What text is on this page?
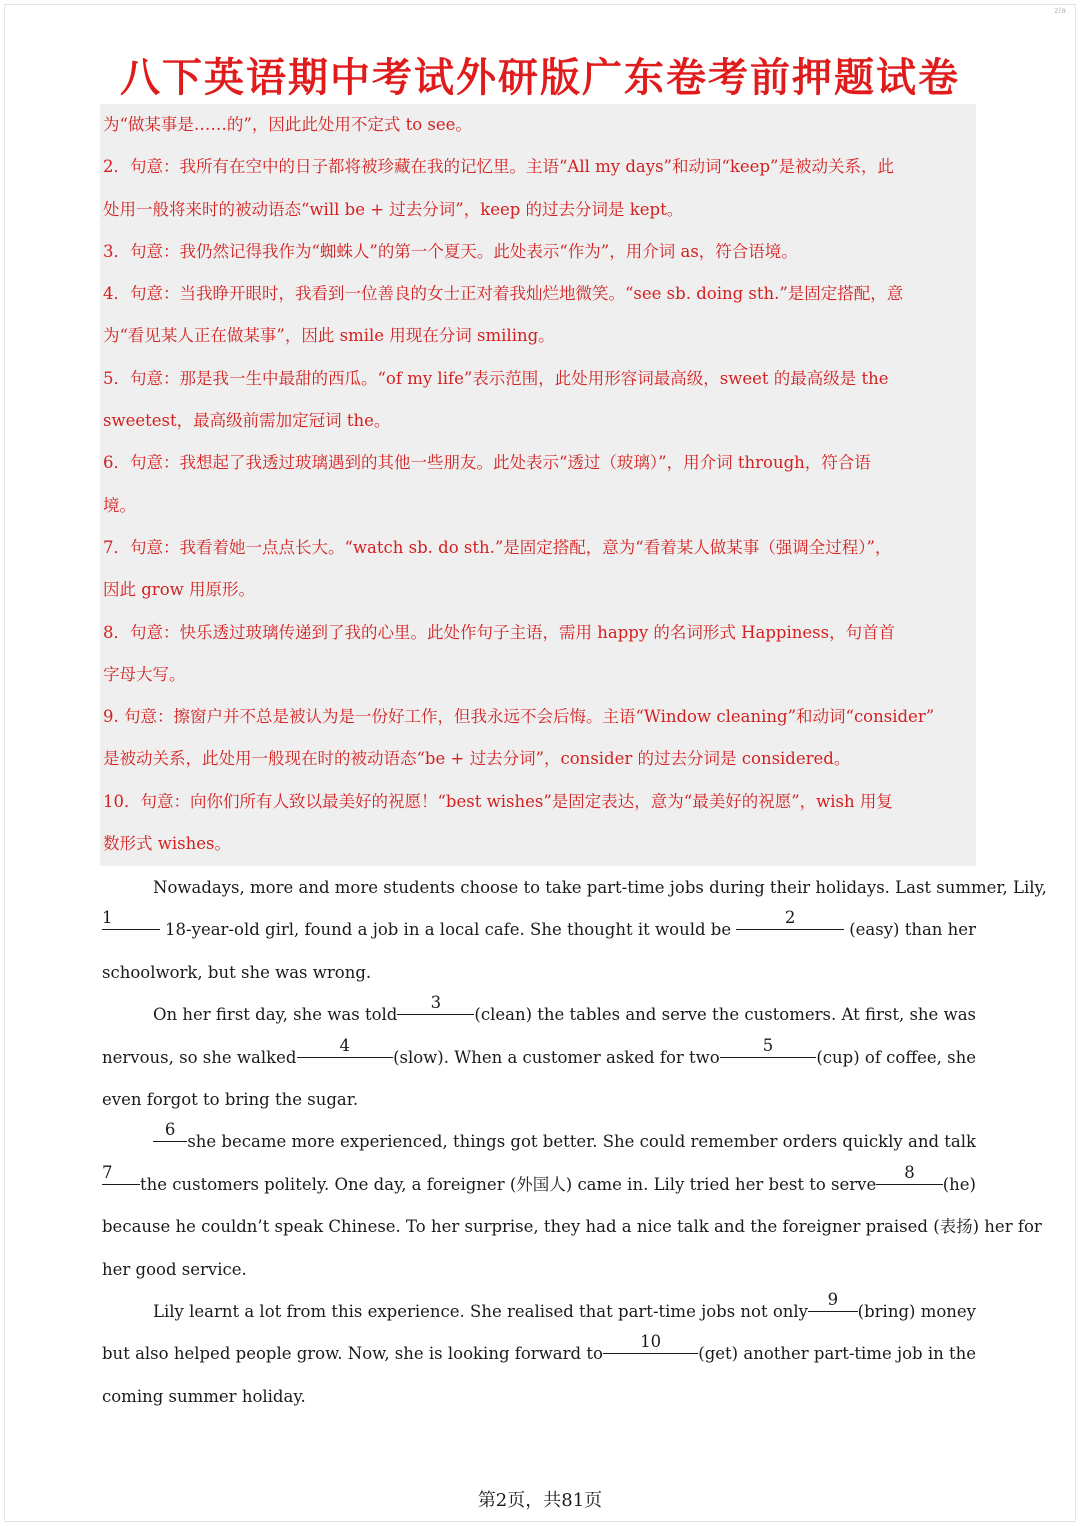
z/a
八下英语期中考试外研版广东卷考前押题试卷

为“做某事是……的”，因此此处用不定式 to see。

2．句意：我所有在空中的日子都将被珍藏在我的记忆里。主语“All my days”和动词“keep”是被动关系，此

处用一般将来时的被动语态“will be + 过去分词”，keep 的过去分词是 kept。

3．句意：我仍然记得我作为“蜘蛛人”的第一个夏天。此处表示“作为”，用介词 as，符合语境。

4．句意：当我睁开眼时，我看到一位善良的女士正对着我灿烂地微笑。“see sb. doing sth.”是固定搭配，意

为“看见某人正在做某事”，因此 smile 用现在分词 smiling。

5．句意：那是我一生中最甜的西瓜。“of my life”表示范围，此处用形容词最高级，sweet 的最高级是 the

sweetest，最高级前需加定冠词 the。

6．句意：我想起了我透过玻璃遇到的其他一些朋友。此处表示“透过（玻璃）”，用介词 through，符合语

境。

7．句意：我看着她一点点长大。“watch sb. do sth.”是固定搭配，意为“看着某人做某事（强调全过程）”，

因此 grow 用原形。

8．句意：快乐透过玻璃传递到了我的心里。此处作句子主语，需用 happy 的名词形式 Happiness，句首首

字母大写。

9. 句意：擦窗户并不总是被认为是一份好工作，但我永远不会后悔。主语“Window cleaning”和动词“consider”

是被动关系，此处用一般现在时的被动语态“be + 过去分词”，consider 的过去分词是 considered。

10．句意：向你们所有人致以最美好的祝愿！“best wishes”是固定表达，意为“最美好的祝愿”，wish 用复

数形式 wishes。

Nowadays, more and more students choose to take part-time jobs during their holidays. Last summer, Lily,
1
18-year-old girl, found a job in a local cafe. She thought it would be
2
(easy) than her
schoolwork, but she was wrong.
On her first day, she was told
3
(clean) the tables and serve the customers. At first, she was
nervous, so she walked
4
(slow). When a customer asked for two
5
(cup) of coffee, she
even forgot to bring the sugar.
6
she became more experienced, things got better. She could remember orders quickly and talk
7
the customers politely. One day, a foreigner (外国人) came in. Lily tried her best to serve
8
(he)
because he couldn’t speak Chinese. To her surprise, they had a nice talk and the foreigner praised (表扬) her for
her good service.
Lily learnt a lot from this experience. She realised that part-time jobs not only
9
(bring) money
but also helped people grow. Now, she is looking forward to
10
(get) another part-time job in the
coming summer holiday.
第2页，共81页
